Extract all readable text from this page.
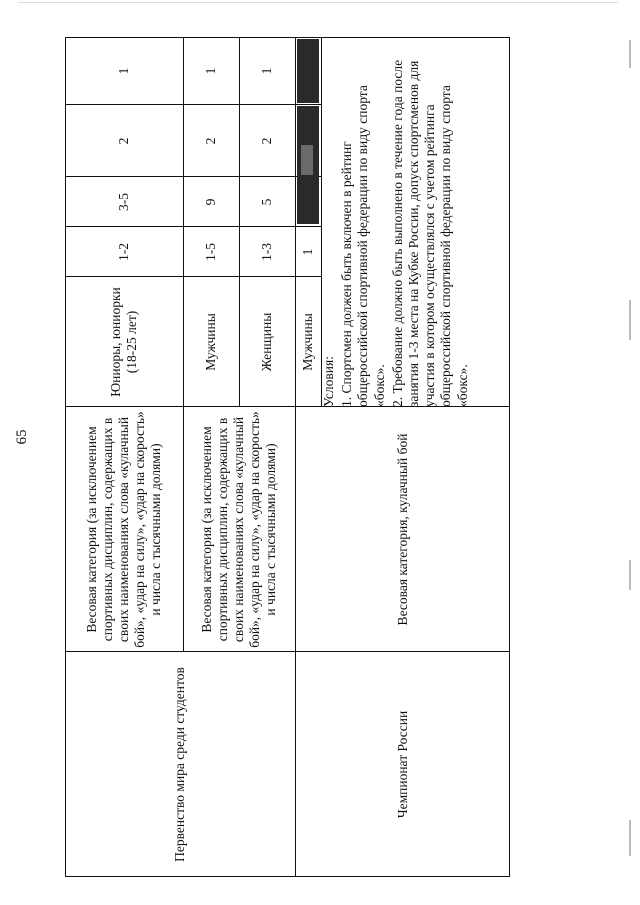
65
Первенство мира среди студентов
Весовая категория (за исключением спортивных дисциплин, содержащих в своих наименованиях слова «кулачный бой», «удар на силу», «удар на скорость» и числа с тысячными долями)
Юниоры, юниорки (18-25 лет)
1-2
3-5
2
1
Весовая категория (за исключением спортивных дисциплин, содержащих в своих наименованиях слова «кулачный бой», «удар на силу», «удар на скорость» и числа с тысячными долями)
Мужчины
1-5
9
2
1
Женщины
1-3
5
2
1
Чемпионат России
Весовая категория, кулачный бой
Мужчины
1

Условия: 1. Спортсмен должен быть включен в рейтинг общероссийской спортивной федерации по виду спорта «бокс». 2. Требование должно быть выполнено в течение года после занятия 1-3 места на Кубке России, допуск спортсменов для участия в котором осуществлялся с учетом рейтинга общероссийской спортивной федерации по виду спорта «бокс».
